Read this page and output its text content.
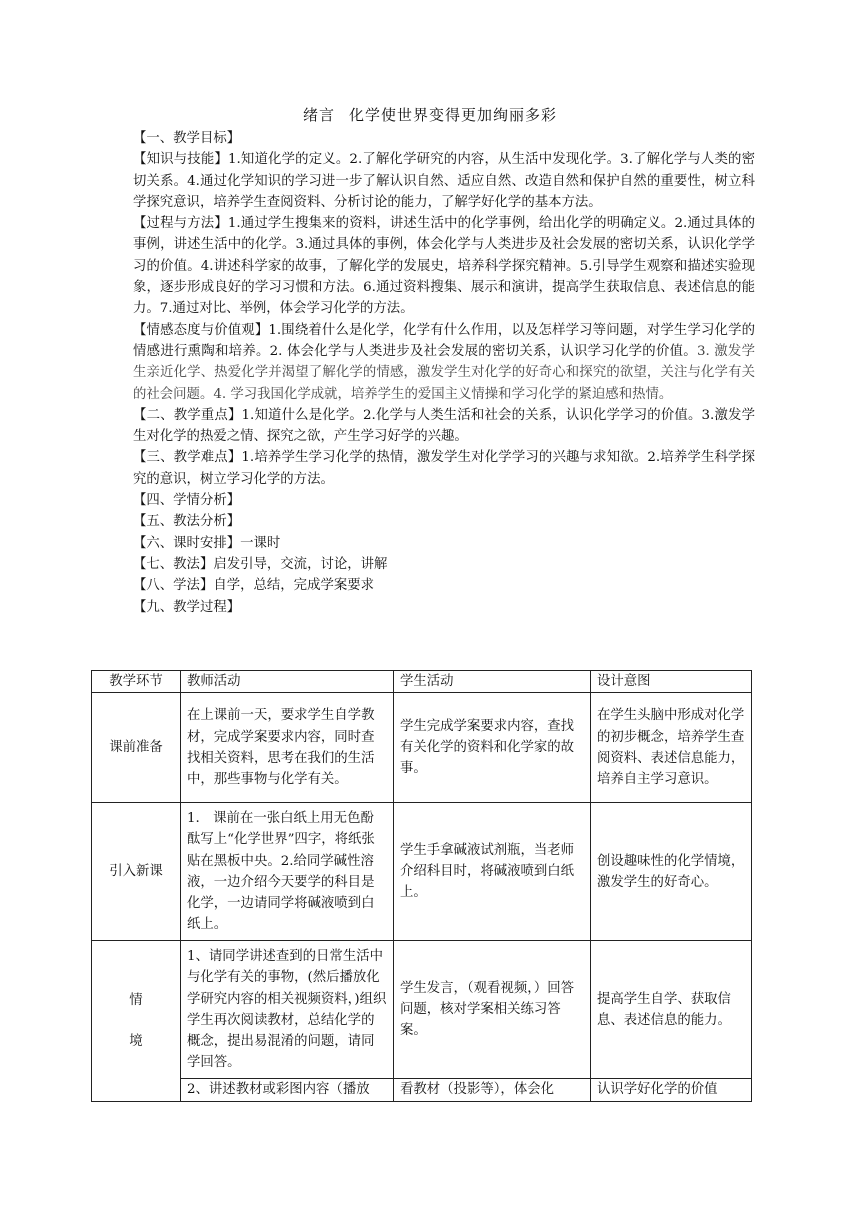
绪言 化学使世界变得更加绚丽多彩

【一、教学目标】

【知识与技能】1.知道化学的定义。2.了解化学研究的内容，从生活中发现化学。3.了解化学与人类的密切关系。4.通过化学知识的学习进一步了解认识自然、适应自然、改造自然和保护自然的重要性，树立科学探究意识，培养学生查阅资料、分析讨论的能力，了解学好化学的基本方法。

【过程与方法】1.通过学生搜集来的资料，讲述生活中的化学事例，给出化学的明确定义。2.通过具体的事例，讲述生活中的化学。3.通过具体的事例，体会化学与人类进步及社会发展的密切关系，认识化学学习的价值。4.讲述科学家的故事，了解化学的发展史，培养科学探究精神。5.引导学生观察和描述实验现象，逐步形成良好的学习习惯和方法。6.通过资料搜集、展示和演讲，提高学生获取信息、表述信息的能力。7.通过对比、举例，体会学习化学的方法。

【情感态度与价值观】1.围绕着什么是化学，化学有什么作用，以及怎样学习等问题，对学生学习化学的情感进行熏陶和培养。2. 体会化学与人类进步及社会发展的密切关系，认识学习化学的价值。3. 激发学生亲近化学、热爱化学并渴望了解化学的情感，激发学生对化学的好奇心和探究的欲望，关注与化学有关的社会问题。4. 学习我国化学成就，培养学生的爱国主义情操和学习化学的紧迫感和热情。

【二、教学重点】1.知道什么是化学。2.化学与人类生活和社会的关系，认识化学学习的价值。3.激发学生对化学的热爱之情、探究之欲，产生学习好学的兴趣。

【三、教学难点】1.培养学生学习化学的热情，激发学生对化学学习的兴趣与求知欲。2.培养学生科学探究的意识，树立学习化学的方法。

【四、学情分析】

【五、教法分析】

【六、课时安排】一课时

【七、教法】启发引导，交流，讨论，讲解

【八、学法】自学，总结，完成学案要求

【九、教学过程】

教学环节	教师活动	学生活动	设计意图
课前准备	在上课前一天，要求学生自学教材，完成学案要求内容，同时查找相关资料，思考在我们的生活中，那些事物与化学有关。	学生完成学案要求内容，查找有关化学的资料和化学家的故事。	在学生头脑中形成对化学的初步概念，培养学生查阅资料、表述信息能力，培养自主学习意识。
引入新课	1.　课前在一张白纸上用无色酚酞写上“化学世界”四字，将纸张贴在黑板中央。2.给同学碱性溶液，一边介绍今天要学的科目是化学，一边请同学将碱液喷到白纸上。	学生手拿碱液试剂瓶，当老师介绍科目时，将碱液喷到白纸上。	创设趣味性的化学情境，激发学生的好奇心。

情
境	1、请同学讲述查到的日常生活中与化学有关的事物，(然后播放化学研究内容的相关视频资料，)组织学生再次阅读教材，总结化学的概念，提出易混淆的问题，请同学回答。	学生发言，（观看视频，）回答问题，核对学案相关练习答案。	提高学生自学、获取信息、表述信息的能力。
	2、讲述教材或彩图内容（播放	看教材（投影等），体会化	认识学好化学的价值
